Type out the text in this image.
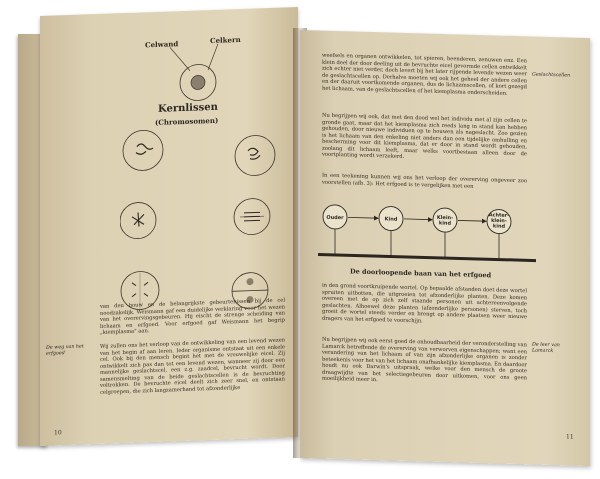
Celwand	Celkern
Kernlissen
(Chromosomen)
van den bouw en de belangrijkste gebeurtenissen bij de cel noodzakelijk. Weismann gaf een duidelijke verklaring voor het wezen van het overervingsgebeuren. Hij eischt de strenge scheiding van lichaam en erfgoed. Voor erfgoed gaf Weismann het begrip „kiemplasma" aan.
De weg van het erfgoed
Wij zullen ons het verloop van de ontwikkeling van een levend wezen van het begin af aan leren. Ieder organisme ontstaat uit een enkele cel. Ook bij den mensch begint het met de vrouwelijke eicel. Zij ontwikkelt zich pas dan tot een levend wezen, wanneer zij door een mannelijke geslachtscel, een z.g. zaadcel, bevrucht wordt. Door samensmelting van de beide geslachtscellen is de bevruchting voltrokken. De bevruchte eicel deelt zich zeer snel, en ontstaan celgroepen, die zich langzamerhand tot afzonderlijke
10
weefsels en organen ontwikkelen, tot spieren, beenderen, zenuwen enz. Een klein deel der door deeling uit de bevruchte eicel gevormde cellen ontwikkelt zich echter niet verder, doch levert bij het later rijpende levende wezen weer de geslachtscellen op. Derhalve moeten wij ook het geheel der andere cellen en der daaruit voortkomende organen, dus de lichaamscellen, of kort gezegd het lichaam, van de geslachtscellen of het kiemplasma onderscheiden.
Geslachtscellen
Nu begrijpen wij ook, dat met den dood wel het individu met al zijn cellen te gronde gaat, maar dat het kiemplasma zich reeds lang in stand kan hebben gehouden, door nieuwe individuen op te bouwen als nageslacht. Zoo gezien is het lichaam van den enkeling niet anders dan een tijdelijke omhulling en bescherming voor dit kiemplasma, dat er door in stand wordt gehouden, zoolang dit lichaam leeft, maar welks voortbestaan alleen door de voortplanting wordt verzekerd.
In een teekening kunnen wij ons het verloop der overerving ongeveer zoo voorstellen (afb. 3): Het erfgoed is te vergelijken met een
Ouder	Kind	Klein-kind
Achter-klein-kind
De doorloopende baan van het erfgoed
in den grond voortkruipende wortel. Op bepaalde afstanden doet deze wortel spruiten uitbotten, die uitgroeien tot afzonderlijke planten. Deze komen overeen met de op zich zelf staande personen uit achtereenvolgende geslachten. Alhoewel deze planten (afzonderlijke personen) sterven, toch groeit de wortel steeds verder en brengt op andere plaatsen weer nieuwe dragers van het erfgoed te voorschijn.
Nu begrijpen wij ook eerst goed de onhoudbaarheid der veronderstelling van Lamarck betreffende de overerving van verworven eigenschappen; want een verandering van het lichaam of van zijn afzonderlijke organen is zonder beteekenis voor het van het lichaam onafhankelijke kiemplasma. En daardoor houdt nu ook Darwin's uitspraak, welke voor den mensch de groote draagwijdte van het selectiegebeuren door uitkomen, voor ons geen moeilijkheid meer in.
De leer van Lamarck
11
